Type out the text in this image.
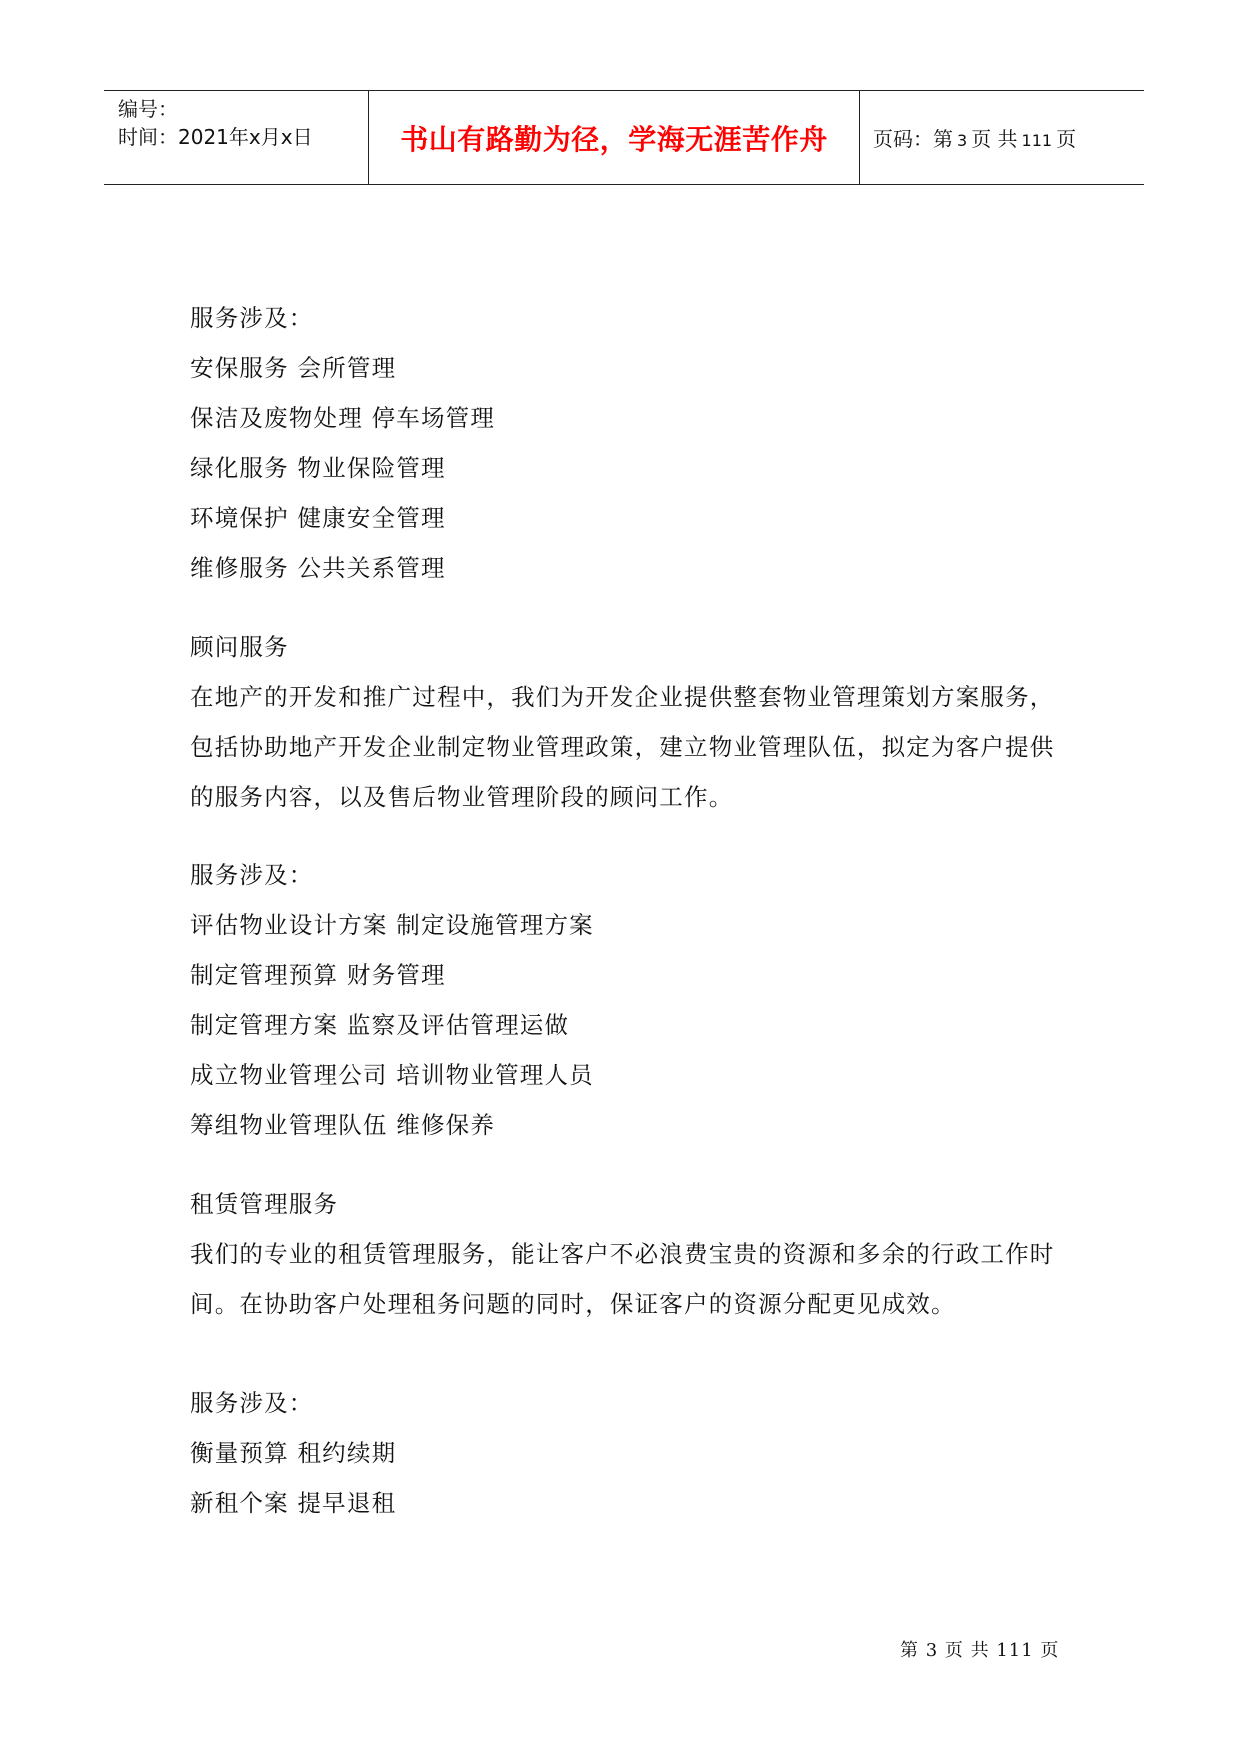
编号：
时间：2021年x月x日	书山有路勤为径，学海无涯苦作舟 页码：第 3 页 共 111 页
服务涉及：
安保服务 会所管理
保洁及废物处理 停车场管理
绿化服务 物业保险管理
环境保护 健康安全管理
维修服务 公共关系管理
顾问服务
在地产的开发和推广过程中，我们为开发企业提供整套物业管理策划方案服务，
包括协助地产开发企业制定物业管理政策，建立物业管理队伍，拟定为客户提供
的服务内容，以及售后物业管理阶段的顾问工作。
服务涉及：
评估物业设计方案 制定设施管理方案
制定管理预算 财务管理
制定管理方案 监察及评估管理运做
成立物业管理公司 培训物业管理人员
筹组物业管理队伍 维修保养
租赁管理服务
我们的专业的租赁管理服务，能让客户不必浪费宝贵的资源和多余的行政工作时
间。在协助客户处理租务问题的同时，保证客户的资源分配更见成效。
服务涉及：
衡量预算 租约续期
新租个案 提早退租
第 3 页 共 111 页
